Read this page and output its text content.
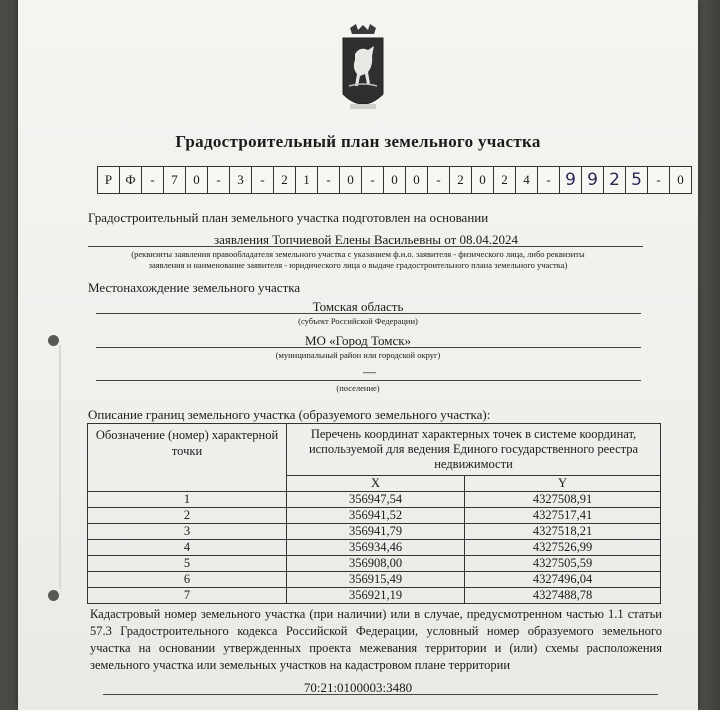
Градостроительный план земельного участка
Р	Ф	-	7	0	-	3	-	2	1	-	0	-	0	0	-	2	0	2	4	- 9 9 2 5	-	0
Градостроительный план земельного участка подготовлен на основании
заявления Топчиевой Елены Васильевны от 08.04.2024
(реквизиты заявления правообладателя земельного участка с указанием ф.и.о. заявителя - физического лица, либо реквизиты
заявления и наименование заявителя - юридического лица о выдаче градостроительного плана земельного участка)
Местонахождение земельного участка
Томская область
(субъект Российской Федерации)
МО «Город Томск»
(муниципальный район или городской округ)
—
(поселение)
Описание границ земельного участка (образуемого земельного участка):
Обозначение (номер) характерной точки	Перечень координат характерных точек в системе координат, используемой для ведения Единого государственного реестра недвижимости	
	X	Y
1	356947,54	4327508,91
2	356941,52	4327517,41
3	356941,79	4327518,21
4	356934,46	4327526,99
5	356908,00	4327505,59
6	356915,49	4327496,04
7	356921,19	4327488,78
Кадастровый номер земельного участка (при наличии) или в случае, предусмотренном частью 1.1 статьи 57.3 Градостроительного кодекса Российской Федерации, условный номер образуемого земельного участка на основании утвержденных проекта межевания территории и (или) схемы расположения земельного участка или земельных участков на кадастровом плане территории
70:21:0100003:3480
